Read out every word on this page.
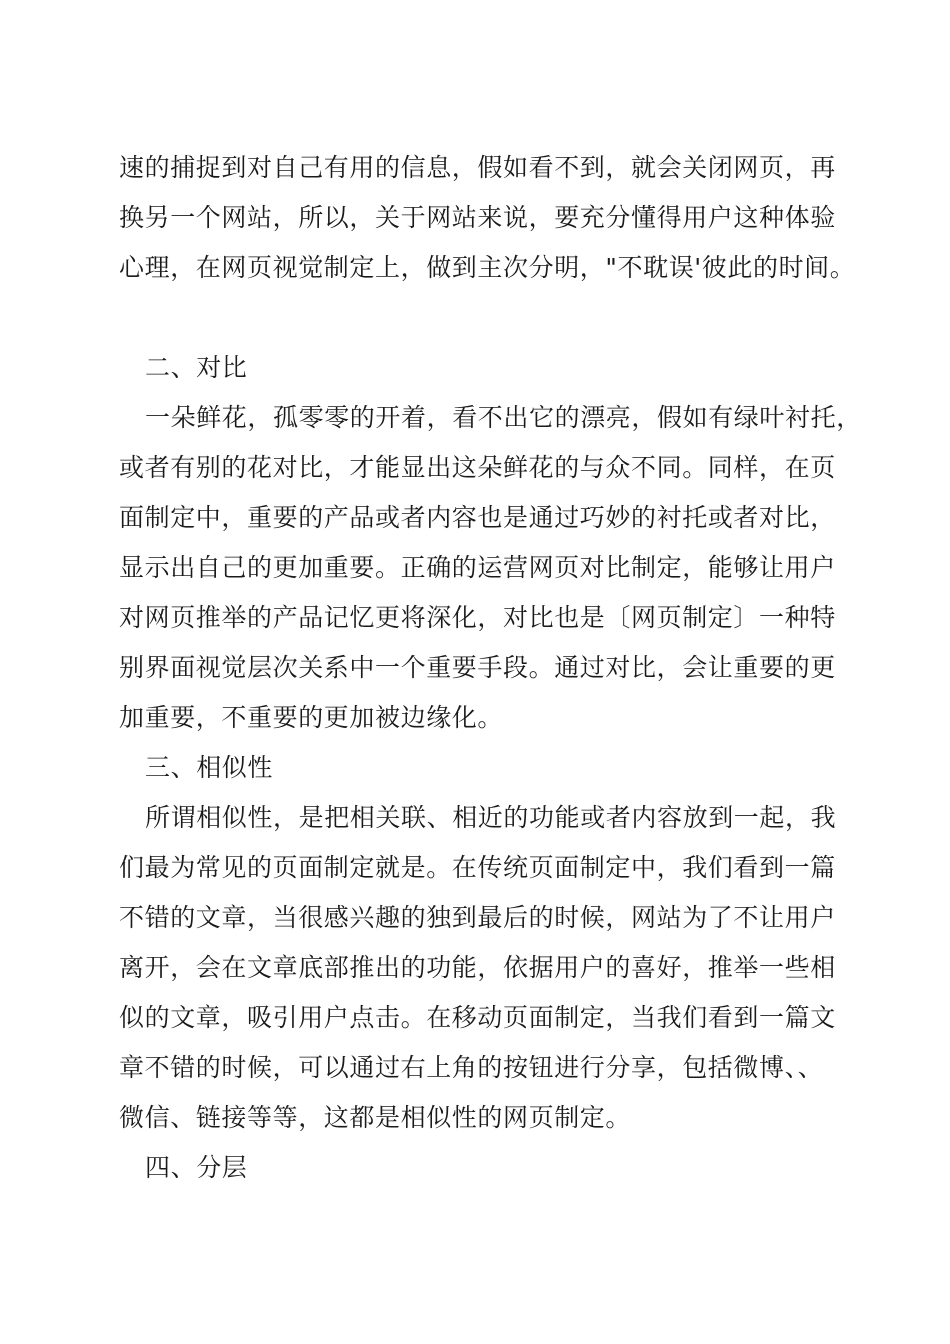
速的捕捉到对自己有用的信息，假如看不到，就会关闭网页，再
换另一个网站，所以，关于网站来说，要充分懂得用户这种体验
心理，在网页视觉制定上，做到主次分明，"不耽误'彼此的时间。
二、对比
一朵鲜花，孤零零的开着，看不出它的漂亮，假如有绿叶衬托，
或者有别的花对比，才能显出这朵鲜花的与众不同。同样，在页
面制定中，重要的产品或者内容也是通过巧妙的衬托或者对比，
显示出自己的更加重要。正确的运营网页对比制定，能够让用户
对网页推举的产品记忆更将深化，对比也是〔网页制定〕一种特
别界面视觉层次关系中一个重要手段。通过对比，会让重要的更
加重要，不重要的更加被边缘化。
三、相似性
所谓相似性，是把相关联、相近的功能或者内容放到一起，我
们最为常见的页面制定就是。在传统页面制定中，我们看到一篇
不错的文章，当很感兴趣的独到最后的时候，网站为了不让用户
离开，会在文章底部推出的功能，依据用户的喜好，推举一些相
似的文章，吸引用户点击。在移动页面制定，当我们看到一篇文
章不错的时候，可以通过右上角的按钮进行分享，包括微博、、
微信、链接等等，这都是相似性的网页制定。
四、分层
